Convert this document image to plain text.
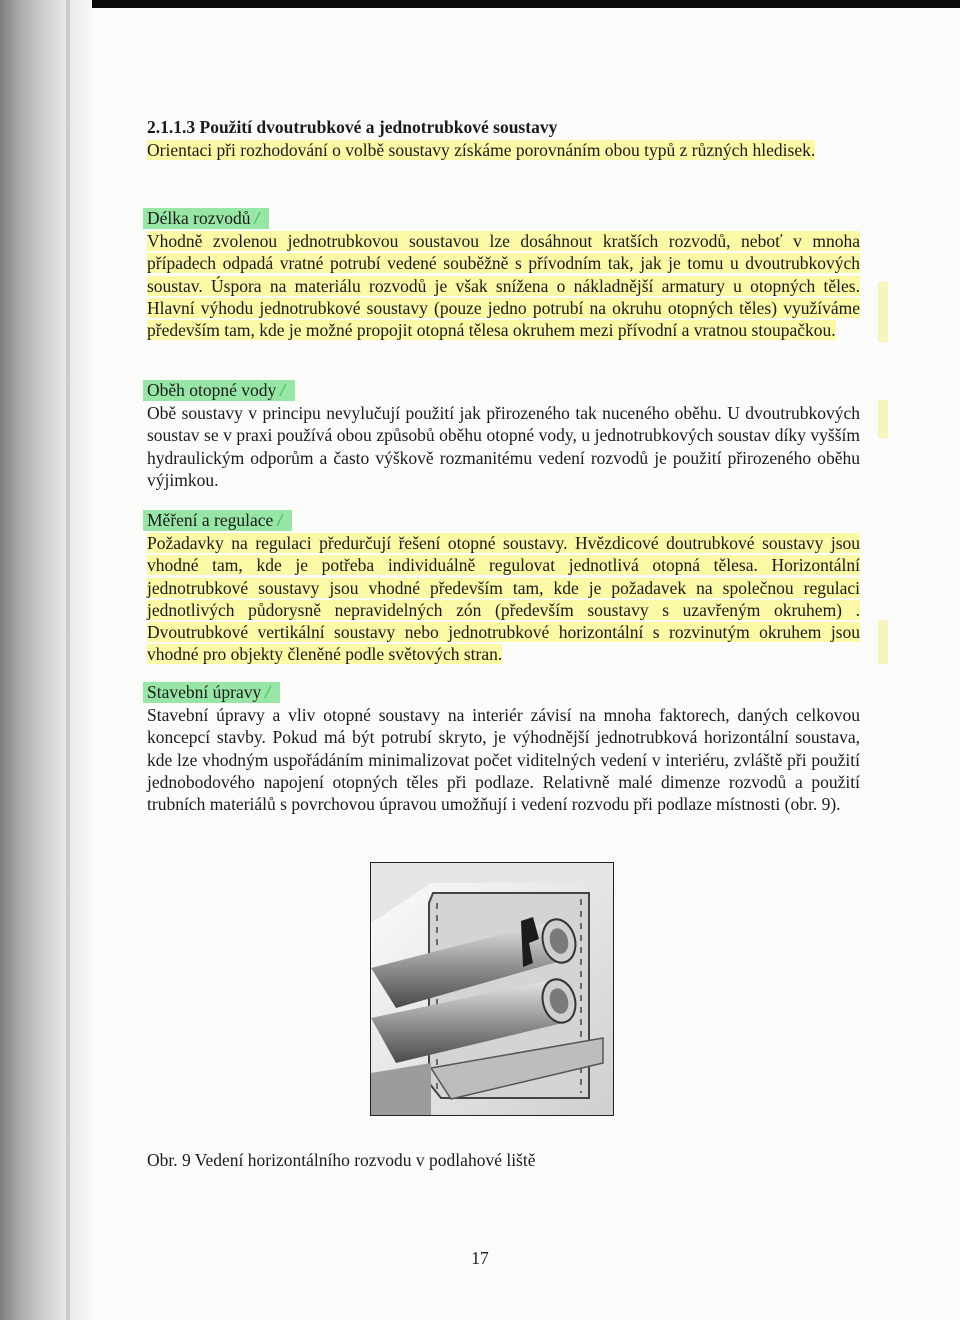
2.1.1.3 Použití dvoutrubkové a jednotrubkové soustavy

Orientaci při rozhodování o volbě soustavy získáme porovnáním obou typů z různých hledisek.

Délka rozvodů /

Vhodně zvolenou jednotrubkovou soustavou lze dosáhnout kratších rozvodů, neboť v mnoha případech odpadá vratné potrubí vedené souběžně s přívodním tak, jak je tomu u dvoutrubkových soustav. Úspora na materiálu rozvodů je však snížena o nákladnější armatury u otopných těles. Hlavní výhodu jednotrubkové soustavy (pouze jedno potrubí na okruhu otopných těles) využíváme především tam, kde je možné propojit otopná tělesa okruhem mezi přívodní a vratnou stoupačkou.

Oběh otopné vody /

Obě soustavy v principu nevylučují použití jak přirozeného tak nuceného oběhu. U dvoutrubkových soustav se v praxi používá obou způsobů oběhu otopné vody, u jednotrubkových soustav díky vyšším hydraulickým odporům a často výškově rozmanitému vedení rozvodů je použití přirozeného oběhu výjimkou.

Měření a regulace /

Požadavky na regulaci předurčují řešení otopné soustavy. Hvězdicové doutrubkové soustavy jsou vhodné tam, kde je potřeba individuálně regulovat jednotlivá otopná tělesa. Horizontální jednotrubkové soustavy jsou vhodné především tam, kde je požadavek na společnou regulaci jednotlivých půdorysně nepravidelných zón (především soustavy s uzavřeným okruhem) . Dvoutrubkové vertikální soustavy nebo jednotrubkové horizontální s rozvinutým okruhem jsou vhodné pro objekty členěné podle světových stran.

Stavební úpravy /

Stavební úpravy a vliv otopné soustavy na interiér závisí na mnoha faktorech, daných celkovou koncepcí stavby. Pokud má být potrubí skryto, je výhodnější jednotrubková horizontální soustava, kde lze vhodným uspořádáním minimalizovat počet viditelných vedení v interiéru, zvláště při použití jednobodového napojení otopných těles při podlaze. Relativně malé dimenze rozvodů a použití trubních materiálů s povrchovou úpravou umožňují i vedení rozvodu při podlaze místnosti (obr. 9).

Obr. 9 Vedení horizontálního rozvodu v podlahové liště
17
